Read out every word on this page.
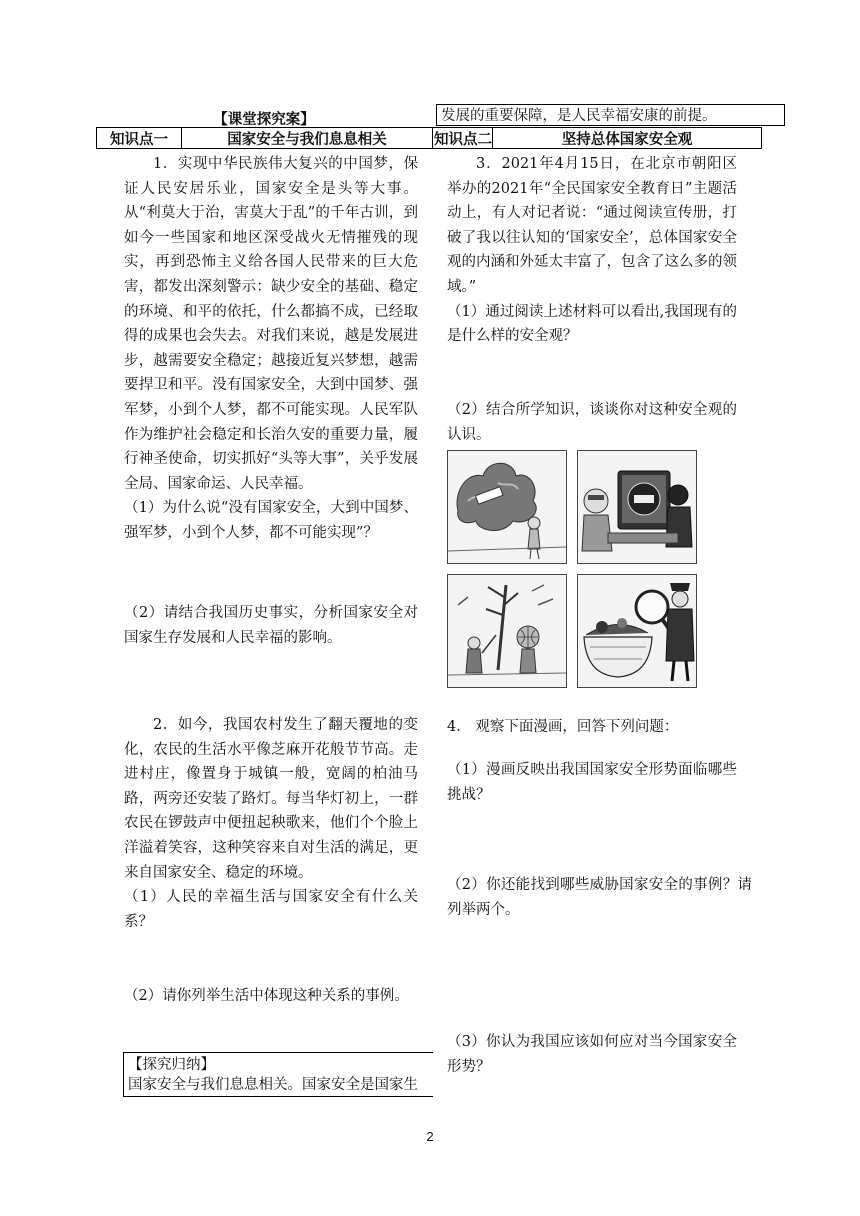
【课堂探究案】	发展的重要保障，是人民幸福安康的前提。
知识点一	国家安全与我们息息相关	知识点二	坚持总体国家安全观

1．实现中华民族伟大复兴的中国梦，保证人民安居乐业，国家安全是头等大事。从“利莫大于治，害莫大于乱”的千年古训，到如今一些国家和地区深受战火无情摧残的现实，再到恐怖主义给各国人民带来的巨大危害，都发出深刻警示：缺少安全的基础、稳定的环境、和平的依托，什么都搞不成，已经取得的成果也会失去。对我们来说，越是发展进步，越需要安全稳定；越接近复兴梦想，越需要捍卫和平。没有国家安全，大到中国梦、强军梦，小到个人梦，都不可能实现。人民军队作为维护社会稳定和长治久安的重要力量，履行神圣使命，切实抓好“头等大事”，关乎发展全局、国家命运、人民幸福。

（1）为什么说“没有国家安全，大到中国梦、强军梦，小到个人梦，都不可能实现”？

（2）请结合我国历史事实，分析国家安全对国家生存发展和人民幸福的影响。

2．如今，我国农村发生了翻天覆地的变化，农民的生活水平像芝麻开花般节节高。走进村庄，像置身于城镇一般，宽阔的柏油马路，两旁还安装了路灯。每当华灯初上，一群农民在锣鼓声中便扭起秧歌来，他们个个脸上洋溢着笑容，这种笑容来自对生活的满足，更来自国家安全、稳定的环境。

（1）人民的幸福生活与国家安全有什么关系？

（2）请你列举生活中体现这种关系的事例。

【探究归纳】
国家安全与我们息息相关。国家安全是国家生

3．2021年4月15日，在北京市朝阳区举办的2021年“全民国家安全教育日”主题活动上，有人对记者说：“通过阅读宣传册，打破了我以往认知的‘国家安全’，总体国家安全观的内涵和外延太丰富了，包含了这么多的领域。”

（1）通过阅读上述材料可以看出,我国现有的是什么样的安全观？

（2）结合所学知识，谈谈你对这种安全观的认识。

4． 观察下面漫画，回答下列问题：

（1）漫画反映出我国国家安全形势面临哪些挑战？

（2）你还能找到哪些威胁国家安全的事例？请列举两个。

（3）你认为我国应该如何应对当今国家安全形势？

2
